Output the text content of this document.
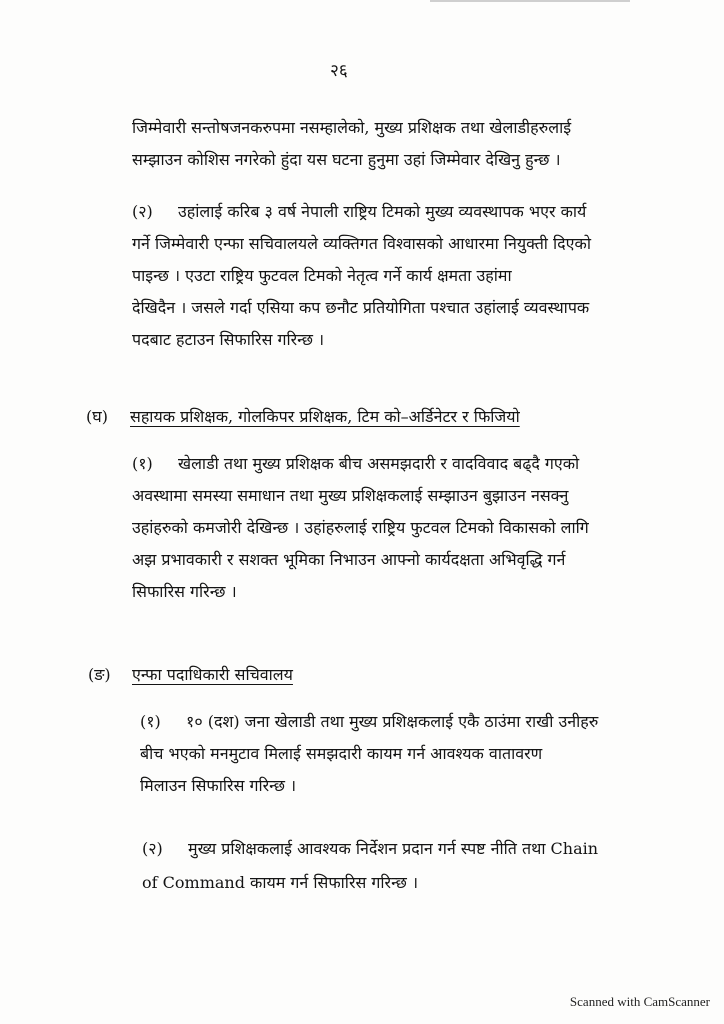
२६

जिम्मेवारी सन्तोषजनकरुपमा नसम्हालेको, मुख्य प्रशिक्षक तथा खेलाडीहरुलाई
सम्झाउन कोशिस नगरेको हुंदा यस घटना हुनुमा उहां जिम्मेवार देखिनु हुन्छ ।

(२) उहांलाई करिब ३ वर्ष नेपाली राष्ट्रिय टिमको मुख्य व्यवस्थापक भएर कार्य
गर्ने जिम्मेवारी एन्फा सचिवालयले व्यक्तिगत विश्वासको आधारमा नियुक्ती दिएको
पाइन्छ । एउटा राष्ट्रिय फुटवल टिमको नेतृत्व गर्ने कार्य क्षमता उहांमा
देखिदैन । जसले गर्दा एसिया कप छनौट प्रतियोगिता पश्चात उहांलाई व्यवस्थापक
पदबाट हटाउन सिफारिस गरिन्छ ।

(घ) सहायक प्रशिक्षक, गोलकिपर प्रशिक्षक, टिम को–अर्डिनेटर र फिजियो

(१) खेलाडी तथा मुख्य प्रशिक्षक बीच असमझदारी र वादविवाद बढ्दै गएको
अवस्थामा समस्या समाधान तथा मुख्य प्रशिक्षकलाई सम्झाउन बुझाउन नसक्नु
उहांहरुको कमजोरी देखिन्छ । उहांहरुलाई राष्ट्रिय फुटवल टिमको विकासको लागि
अझ प्रभावकारी र सशक्त भूमिका निभाउन आफ्नो कार्यदक्षता अभिवृद्धि गर्न
सिफारिस गरिन्छ ।

(ङ) एन्फा पदाधिकारी सचिवालय

(१) १० (दश) जना खेलाडी तथा मुख्य प्रशिक्षकलाई एकै ठाउंमा राखी उनीहरु
बीच भएको मनमुटाव मिलाई समझदारी कायम गर्न आवश्यक वातावरण
मिलाउन सिफारिस गरिन्छ ।

(२) मुख्य प्रशिक्षकलाई आवश्यक निर्देशन प्रदान गर्न स्पष्ट नीति तथा Chain
of Command कायम गर्न सिफारिस गरिन्छ ।

Scanned with CamScanner
